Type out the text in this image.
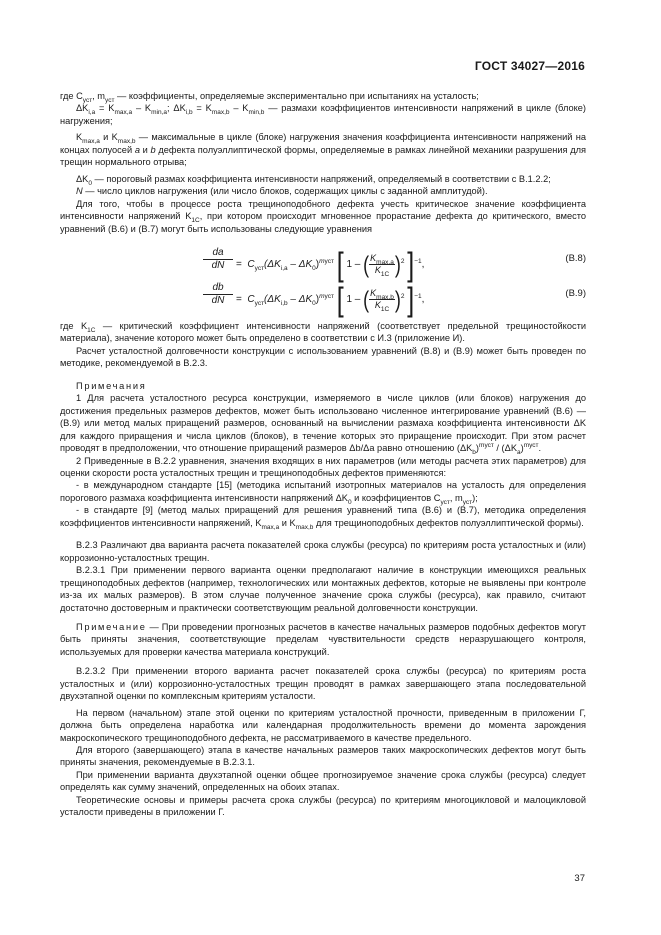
ГОСТ 34027—2016

где $C_{уст}$, $m_{уст}$ — коэффициенты, определяемые экспериментально при испытаниях на усталость;

$\Delta K_{i,a} = K_{max,a} - K_{min,a}$; $\Delta K_{i,b} = K_{max,b} - K_{min,b}$ — размахи коэффициентов интенсивности напряжений в цикле (блоке) нагружения;

$K_{max,a}$ и $K_{max,b}$ — максимальные в цикле (блоке) нагружения значения коэффициента интенсивности напряжений на концах полуосей a и b дефекта полуэллиптической формы, определяемые в рамках линейной механики разрушения для трещин нормального отрыва;

$\Delta K_0$ — пороговый размах коэффициента интенсивности напряжений, определяемый в соответствии с В.1.2.2;

N — число циклов нагружения (или число блоков, содержащих циклы с заданной амплитудой).

Для того, чтобы в процессе роста трещиноподобного дефекта учесть критическое значение коэффициента интенсивности напряжений $K_{1C}$, при котором происходит мгновенное прорастание дефекта до критического, вместо уравнений (В.6) и (В.7) могут быть использованы следующие уравнения

$\frac{da}{dN} = C_{уст}(\Delta K_{i,a} - \Delta K_0)^{mуст}$ [ 1 – ( $K_{max,a}$
$K_{1C}$ )$^2$ ]$^{-1}$,
(В.8)
$\frac{db}{dN} = C_{уст}(\Delta K_{i,b} - \Delta K_0)^{mуст}$ [ 1 – ( $K_{max,b}$
$K_{1C}$ )$^2$ ]$^{-1}$,
(В.9)

где $K_{1C}$ — критический коэффициент интенсивности напряжений (соответствует предельной трещиностойкости материала), значение которого может быть определено в соответствии с И.3 (приложение И).

Расчет усталостной долговечности конструкции с использованием уравнений (В.8) и (В.9) может быть проведен по методике, рекомендуемой в В.2.3.

Примечания

1 Для расчета усталостного ресурса конструкции, измеряемого в числе циклов (или блоков) нагружения до достижения предельных размеров дефектов, может быть использовано численное интегрирование уравнений (В.6) — (В.9) или метод малых приращений размеров, основанный на вычислении размаха коэффициента интенсивности ΔK для каждого приращения и числа циклов (блоков), в течение которых это приращение происходит. При этом расчет проводят в предположении, что отношение приращений размеров Δb/Δa равно отношению $(\Delta K_b)^{mуст} / (\Delta K_a)^{mуст}$.

2 Приведенные в В.2.2 уравнения, значения входящих в них параметров (или методы расчета этих параметров) для оценки скорости роста усталостных трещин и трещиноподобных дефектов применяются:

- в международном стандарте [15] (методика испытаний изотропных материалов на усталость для определения порогового размаха коэффициента интенсивности напряжений $\Delta K_0$ и коэффициентов $C_{уст}$, $m_{уст}$);

- в стандарте [9] (метод малых приращений для решения уравнений типа (В.6) и (В.7), методика определения коэффициентов интенсивности напряжений, $K_{max,a}$ и $K_{max,b}$ для трещиноподобных дефектов полуэллиптической формы).

В.2.3 Различают два варианта расчета показателей срока службы (ресурса) по критериям роста усталостных и (или) коррозионно-усталостных трещин.

В.2.3.1 При применении первого варианта оценки предполагают наличие в конструкции имеющихся реальных трещиноподобных дефектов (например, технологических или монтажных дефектов, которые не выявлены при контроле из-за их малых размеров). В этом случае полученное значение срока службы (ресурса), как правило, считают достаточно достоверным и практически соответствующим реальной долговечности конструкции.

Примечание — При проведении прогнозных расчетов в качестве начальных размеров подобных дефектов могут быть приняты значения, соответствующие пределам чувствительности средств неразрушающего контроля, используемых для проверки качества материала конструкций.

В.2.3.2 При применении второго варианта расчет показателей срока службы (ресурса) по критериям роста усталостных и (или) коррозионно-усталостных трещин проводят в рамках завершающего этапа последовательной двухэтапной оценки по комплексным критериям усталости.

На первом (начальном) этапе этой оценки по критериям усталостной прочности, приведенным в приложении Г, должна быть определена наработка или календарная продолжительность времени до момента зарождения макроскопического трещиноподобного дефекта, не рассматриваемого в качестве предельного.

Для второго (завершающего) этапа в качестве начальных размеров таких макроскопических дефектов могут быть приняты значения, рекомендуемые в В.2.3.1.

При применении варианта двухэтапной оценки общее прогнозируемое значение срока службы (ресурса) следует определять как сумму значений, определенных на обоих этапах.

Теоретические основы и примеры расчета срока службы (ресурса) по критериям многоцикловой и малоцикловой усталости приведены в приложении Г.

37
